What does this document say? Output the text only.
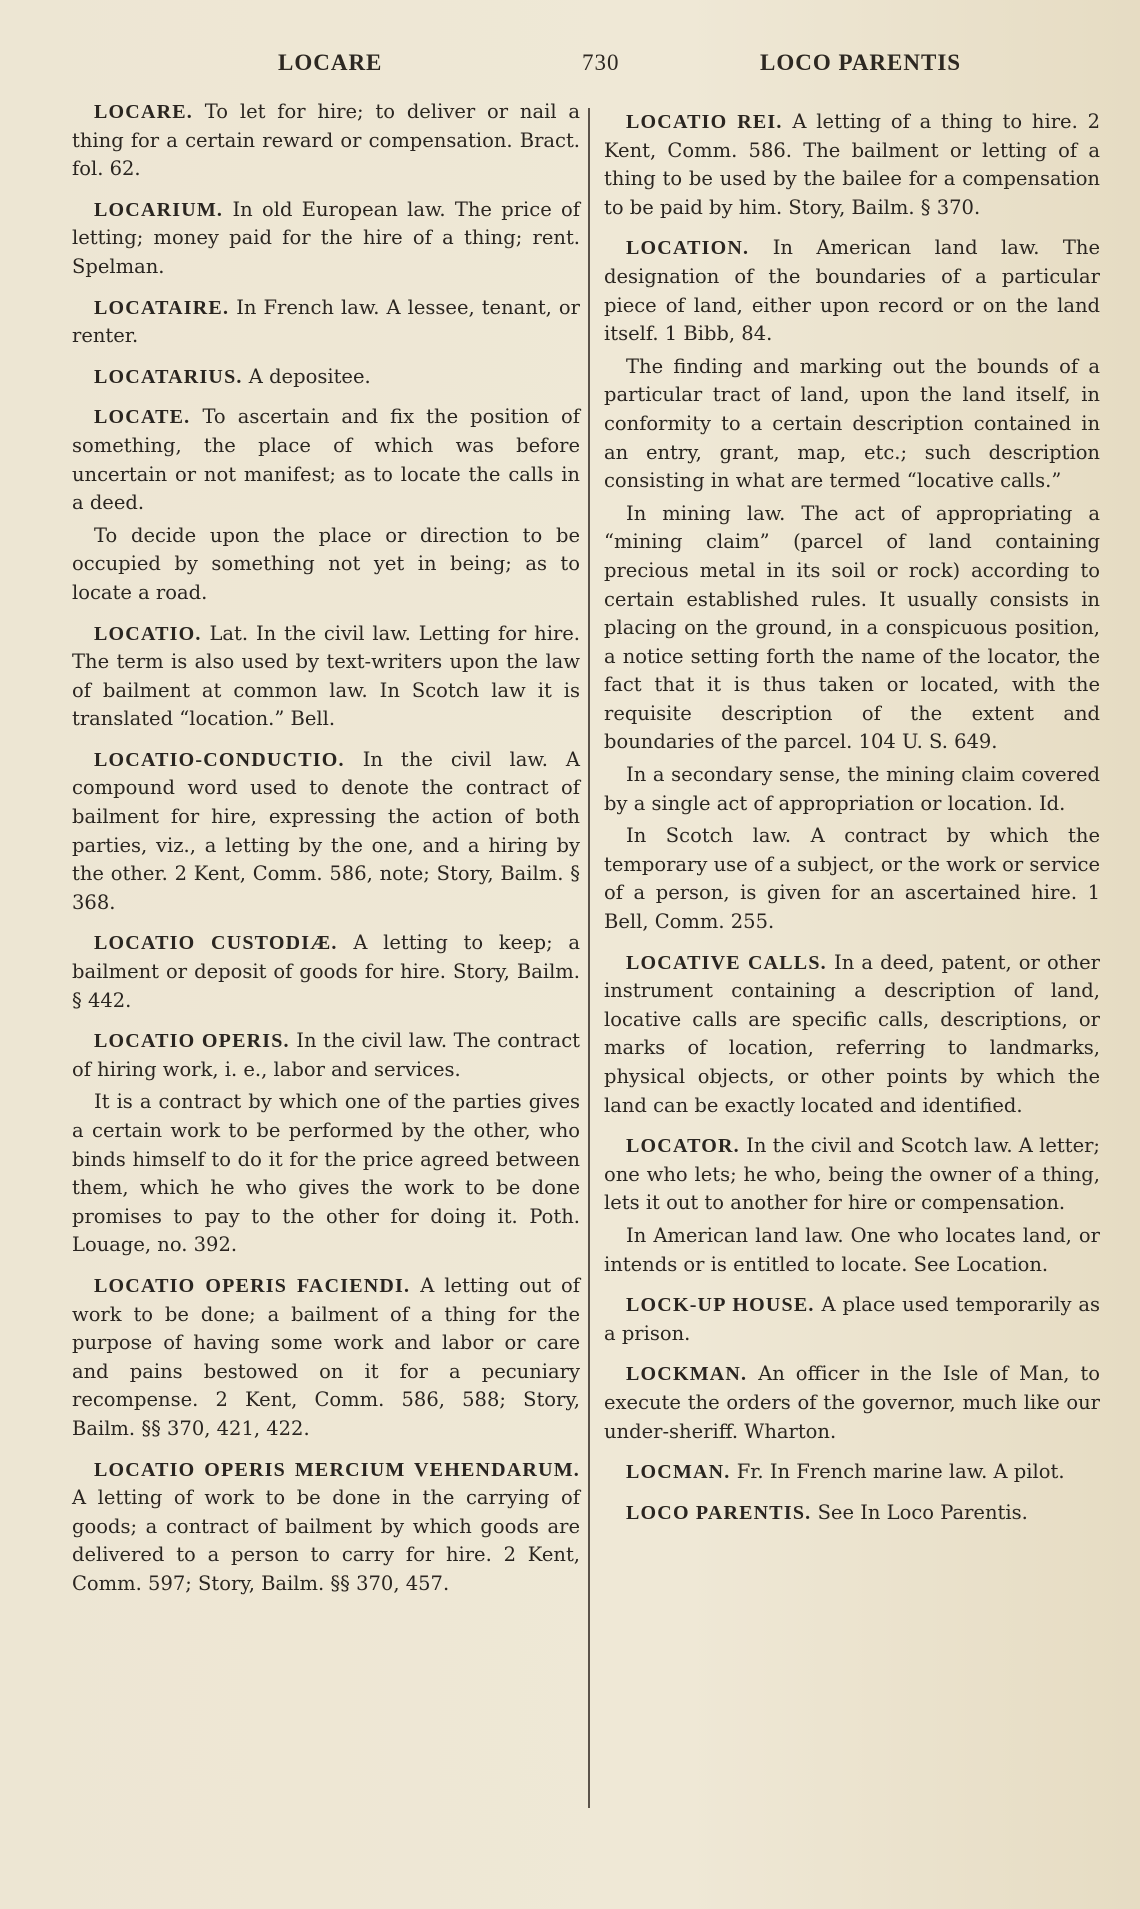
LOCARE	730	LOCO PARENTIS

LOCARE. To let for hire; to deliver or nail a thing for a certain reward or compensation. Bract. fol. 62.

LOCARIUM. In old European law. The price of letting; money paid for the hire of a thing; rent. Spelman.

LOCATAIRE. In French law. A lessee, tenant, or renter.

LOCATARIUS. A depositee.

LOCATE. To ascertain and fix the position of something, the place of which was before uncertain or not manifest; as to locate the calls in a deed.

To decide upon the place or direction to be occupied by something not yet in being; as to locate a road.

LOCATIO. Lat. In the civil law. Letting for hire. The term is also used by text-writers upon the law of bailment at common law. In Scotch law it is translated “location.” Bell.

LOCATIO-CONDUCTIO. In the civil law. A compound word used to denote the contract of bailment for hire, expressing the action of both parties, viz., a letting by the one, and a hiring by the other. 2 Kent, Comm. 586, note; Story, Bailm. § 368.

LOCATIO CUSTODIÆ. A letting to keep; a bailment or deposit of goods for hire. Story, Bailm. § 442.

LOCATIO OPERIS. In the civil law. The contract of hiring work, i. e., labor and services.

It is a contract by which one of the parties gives a certain work to be performed by the other, who binds himself to do it for the price agreed between them, which he who gives the work to be done promises to pay to the other for doing it. Poth. Louage, no. 392.

LOCATIO OPERIS FACIENDI. A letting out of work to be done; a bailment of a thing for the purpose of having some work and labor or care and pains bestowed on it for a pecuniary recompense. 2 Kent, Comm. 586, 588; Story, Bailm. §§ 370, 421, 422.

LOCATIO OPERIS MERCIUM VEHENDARUM. A letting of work to be done in the carrying of goods; a contract of bailment by which goods are delivered to a person to carry for hire. 2 Kent, Comm. 597; Story, Bailm. §§ 370, 457.

LOCATIO REI. A letting of a thing to hire. 2 Kent, Comm. 586. The bailment or letting of a thing to be used by the bailee for a compensation to be paid by him. Story, Bailm. § 370.

LOCATION. In American land law. The designation of the boundaries of a particular piece of land, either upon record or on the land itself. 1 Bibb, 84.

The finding and marking out the bounds of a particular tract of land, upon the land itself, in conformity to a certain description contained in an entry, grant, map, etc.; such description consisting in what are termed “locative calls.”

In mining law. The act of appropriating a “mining claim” (parcel of land containing precious metal in its soil or rock) according to certain established rules. It usually consists in placing on the ground, in a conspicuous position, a notice setting forth the name of the locator, the fact that it is thus taken or located, with the requisite description of the extent and boundaries of the parcel. 104 U. S. 649.

In a secondary sense, the mining claim covered by a single act of appropriation or location. Id.

In Scotch law. A contract by which the temporary use of a subject, or the work or service of a person, is given for an ascertained hire. 1 Bell, Comm. 255.

LOCATIVE CALLS. In a deed, patent, or other instrument containing a description of land, locative calls are specific calls, descriptions, or marks of location, referring to landmarks, physical objects, or other points by which the land can be exactly located and identified.

LOCATOR. In the civil and Scotch law. A letter; one who lets; he who, being the owner of a thing, lets it out to another for hire or compensation.

In American land law. One who locates land, or intends or is entitled to locate. See Location.

LOCK-UP HOUSE. A place used temporarily as a prison.

LOCKMAN. An officer in the Isle of Man, to execute the orders of the governor, much like our under-sheriff. Wharton.

LOCMAN. Fr. In French marine law. A pilot.

LOCO PARENTIS. See In Loco Parentis.
